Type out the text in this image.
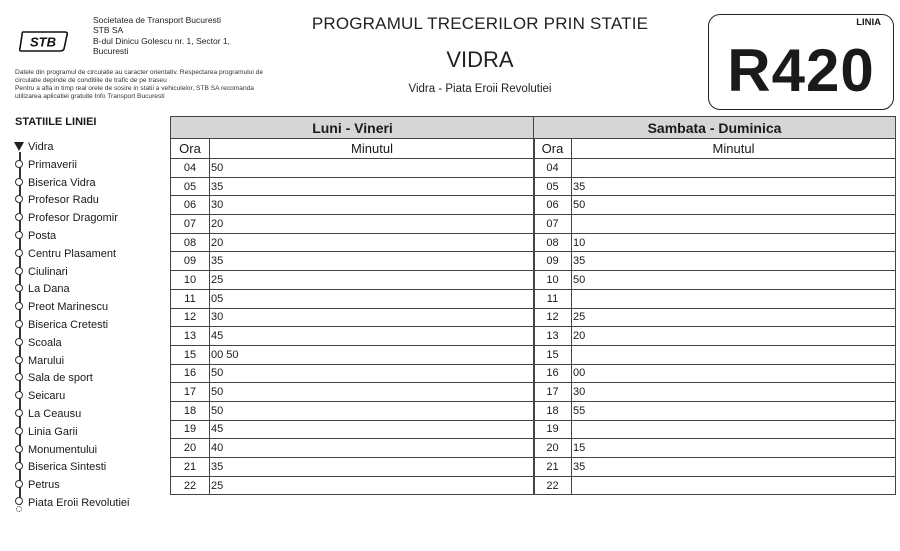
STB
Societatea de Transport Bucuresti
STB SA
B-dul Dinicu Golescu nr. 1, Sector 1,
Bucuresti

Datele din programul de circulatie au caracter orientativ. Respectarea programului de circulatie depinde de conditiile de trafic de pe traseu

Pentru a afla in timp real orele de sosire in statii a vehiculelor, STB SA recomanda utilizarea aplicatiei gratuite Info Transport Bucuresti

PROGRAMUL TRECERILOR PRIN STATIE
VIDRA
Vidra - Piata Eroii Revolutiei
LINIA
R420
STATIILE LINIEI
Vidra
Primaverii
Biserica Vidra
Profesor Radu
Profesor Dragomir
Posta
Centru Plasament
Ciulinari
La Dana
Preot Marinescu
Biserica Cretesti
Scoala
Marului
Sala de sport
Seicaru
La Ceausu
Linia Garii
Monumentului
Biserica Sintesti
Petrus
Piata Eroii Revolutiei
Luni - Vineri	
Ora	Minutul
04	50
05	35
06	30
07	20
08	20
09	35
10	25
11	05
12	30
13	45
15	00 50
16	50
17	50
18	50
19	45
20	40
21	35
22	25
Sambata - Duminica	
Ora	Minutul
04	
05	35
06	50
07	
08	10
09	35
10	50
11	
12	25
13	20
15	
16	00
17	30
18	55
19	
20	15
21	35
22	
